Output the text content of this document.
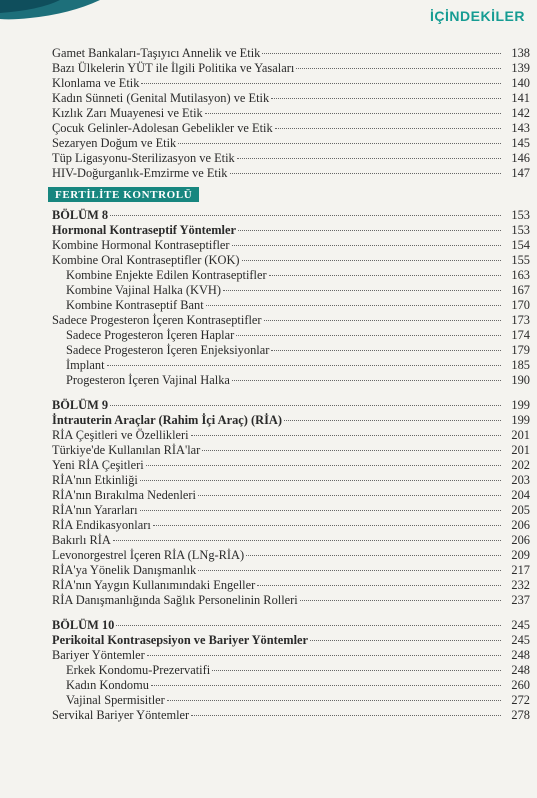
İÇİNDEKİLER
Gamet Bankaları-Taşıyıcı Annelik ve Etik	138
Bazı Ülkelerin YÜT ile İlgili Politika ve Yasaları	139
Klonlama ve Etik	140
Kadın Sünneti (Genital Mutilasyon) ve Etik	141
Kızlık Zarı Muayenesi ve Etik	142
Çocuk Gelinler-Adolesan Gebelikler ve Etik	143
Sezaryen Doğum ve Etik	145
Tüp Ligasyonu-Sterilizasyon ve Etik	146
HIV-Doğurganlık-Emzirme ve Etik	147
FERTİLİTE KONTROLÜ
BÖLÜM 8	153
Hormonal Kontraseptif Yöntemler	153
Kombine Hormonal Kontraseptifler	154
Kombine Oral Kontraseptifler (KOK)	155
Kombine Enjekte Edilen Kontraseptifler	163
Kombine Vajinal Halka (KVH)	167
Kombine Kontraseptif Bant	170
Sadece Progesteron İçeren Kontraseptifler	173
Sadece Progesteron İçeren Haplar	174
Sadece Progesteron İçeren Enjeksiyonlar	179
İmplant	185
Progesteron İçeren Vajinal Halka	190
BÖLÜM 9	199
İntrauterin Araçlar (Rahim İçi Araç) (RİA)	199
RİA Çeşitleri ve Özellikleri	201
Türkiye'de Kullanılan RİA'lar	201
Yeni RİA Çeşitleri	202
RİA'nın Etkinliği	203
RİA'nın Bırakılma Nedenleri	204
RİA'nın Yararları	205
RİA Endikasyonları	206
Bakırlı RİA	206
Levonorgestrel İçeren RİA (LNg-RİA)	209
RİA'ya Yönelik Danışmanlık	217
RİA'nın Yaygın Kullanımındaki Engeller	232
RİA Danışmanlığında Sağlık Personelinin Rolleri	237
BÖLÜM 10	245
Perikoital Kontrasepsiyon ve Bariyer Yöntemler	245
Bariyer Yöntemler	248
Erkek Kondomu-Prezervatifi	248
Kadın Kondomu	260
Vajinal Spermisitler	272
Servikal Bariyer Yöntemler	278
